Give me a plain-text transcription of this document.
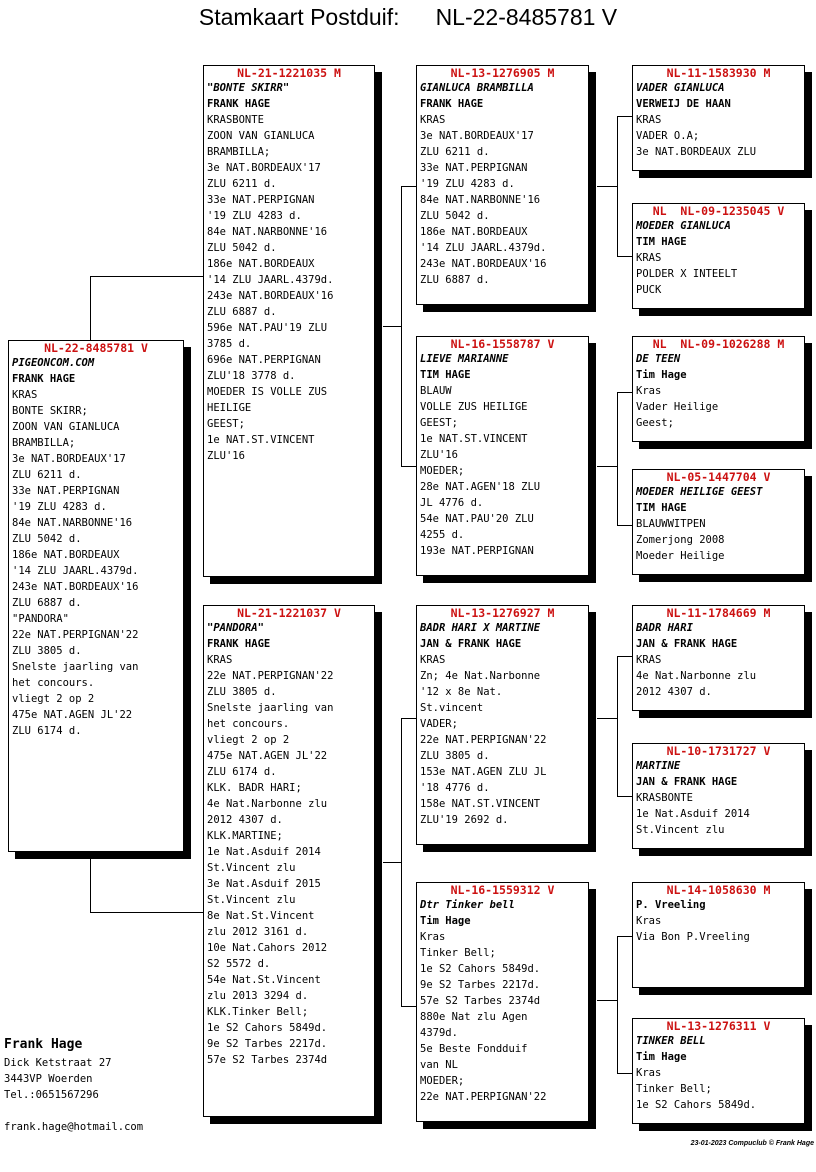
Stamkaart Postduif: NL-22-8485781 V
NL-22-8485781 V
PIGEONCOM.COM
FRANK HAGE
KRAS
BONTE SKIRR;
ZOON VAN GIANLUCA
BRAMBILLA;
3e NAT.BORDEAUX'17
ZLU 6211 d.
33e NAT.PERPIGNAN
'19 ZLU 4283 d.
84e NAT.NARBONNE'16
ZLU 5042 d.
186e NAT.BORDEAUX
'14 ZLU JAARL.4379d.
243e NAT.BORDEAUX'16
ZLU 6887 d.
"PANDORA"
22e NAT.PERPIGNAN'22
ZLU 3805 d.
Snelste jaarling van
het concours.
vliegt 2 op 2
475e NAT.AGEN JL'22
ZLU 6174 d.
NL-21-1221035 M
"BONTE SKIRR"
FRANK HAGE
KRASBONTE
ZOON VAN GIANLUCA
BRAMBILLA;
3e NAT.BORDEAUX'17
ZLU 6211 d.
33e NAT.PERPIGNAN
'19 ZLU 4283 d.
84e NAT.NARBONNE'16
ZLU 5042 d.
186e NAT.BORDEAUX
'14 ZLU JAARL.4379d.
243e NAT.BORDEAUX'16
ZLU 6887 d.
596e NAT.PAU'19 ZLU
3785 d.
696e NAT.PERPIGNAN
ZLU'18 3778 d.
MOEDER IS VOLLE ZUS
HEILIGE
GEEST;
1e NAT.ST.VINCENT
ZLU'16
NL-21-1221037 V
"PANDORA"
FRANK HAGE
KRAS
22e NAT.PERPIGNAN'22
ZLU 3805 d.
Snelste jaarling van
het concours.
vliegt 2 op 2
475e NAT.AGEN JL'22
ZLU 6174 d.
KLK. BADR HARI;
4e Nat.Narbonne zlu
2012 4307 d.
KLK.MARTINE;
1e Nat.Asduif 2014
St.Vincent zlu
3e Nat.Asduif 2015
St.Vincent zlu
8e Nat.St.Vincent
zlu 2012 3161 d.
10e Nat.Cahors 2012
S2 5572 d.
54e Nat.St.Vincent
zlu 2013 3294 d.
KLK.Tinker Bell;
1e S2 Cahors 5849d.
9e S2 Tarbes 2217d.
57e S2 Tarbes 2374d
NL-13-1276905 M
GIANLUCA BRAMBILLA
FRANK HAGE
KRAS
3e NAT.BORDEAUX'17
ZLU 6211 d.
33e NAT.PERPIGNAN
'19 ZLU 4283 d.
84e NAT.NARBONNE'16
ZLU 5042 d.
186e NAT.BORDEAUX
'14 ZLU JAARL.4379d.
243e NAT.BORDEAUX'16
ZLU 6887 d.
NL-16-1558787 V
LIEVE MARIANNE
TIM HAGE
BLAUW
VOLLE ZUS HEILIGE
GEEST;
1e NAT.ST.VINCENT
ZLU'16
MOEDER;
28e NAT.AGEN'18 ZLU
JL 4776 d.
54e NAT.PAU'20 ZLU
4255 d.
193e NAT.PERPIGNAN
NL-13-1276927 M
BADR HARI X MARTINE
JAN & FRANK HAGE
KRAS
Zn; 4e Nat.Narbonne
'12 x 8e Nat.
St.vincent
VADER;
22e NAT.PERPIGNAN'22
ZLU 3805 d.
153e NAT.AGEN ZLU JL
'18 4776 d.
158e NAT.ST.VINCENT
ZLU'19 2692 d.
NL-16-1559312 V
Dtr Tinker bell
Tim Hage
Kras
Tinker Bell;
1e S2 Cahors 5849d.
9e S2 Tarbes 2217d.
57e S2 Tarbes 2374d
880e Nat zlu Agen
4379d.
5e Beste Fondduif
van NL
MOEDER;
22e NAT.PERPIGNAN'22
NL-11-1583930 M
VADER GIANLUCA
VERWEIJ DE HAAN
KRAS
VADER O.A;
3e NAT.BORDEAUX ZLU
NL  NL-09-1235045 V
MOEDER GIANLUCA
TIM HAGE
KRAS
POLDER X INTEELT
PUCK
NL  NL-09-1026288 M
DE TEEN
Tim Hage
Kras
Vader Heilige
Geest;
NL-05-1447704 V
MOEDER HEILIGE GEEST
TIM HAGE
BLAUWWITPEN
Zomerjong 2008
Moeder Heilige
NL-11-1784669 M
BADR HARI
JAN & FRANK HAGE
KRAS
4e Nat.Narbonne zlu
2012 4307 d.
NL-10-1731727 V
MARTINE
JAN & FRANK HAGE
KRASBONTE
1e Nat.Asduif 2014
St.Vincent zlu
NL-14-1058630 M
P. Vreeling
Kras
Via Bon P.Vreeling
NL-13-1276311 V
TINKER BELL
Tim Hage
Kras
Tinker Bell;
1e S2 Cahors 5849d.
Frank Hage
Dick Ketstraat 27
3443VP Woerden
Tel.:0651567296
frank.hage@hotmail.com
23-01-2023 Compuclub © Frank Hage
